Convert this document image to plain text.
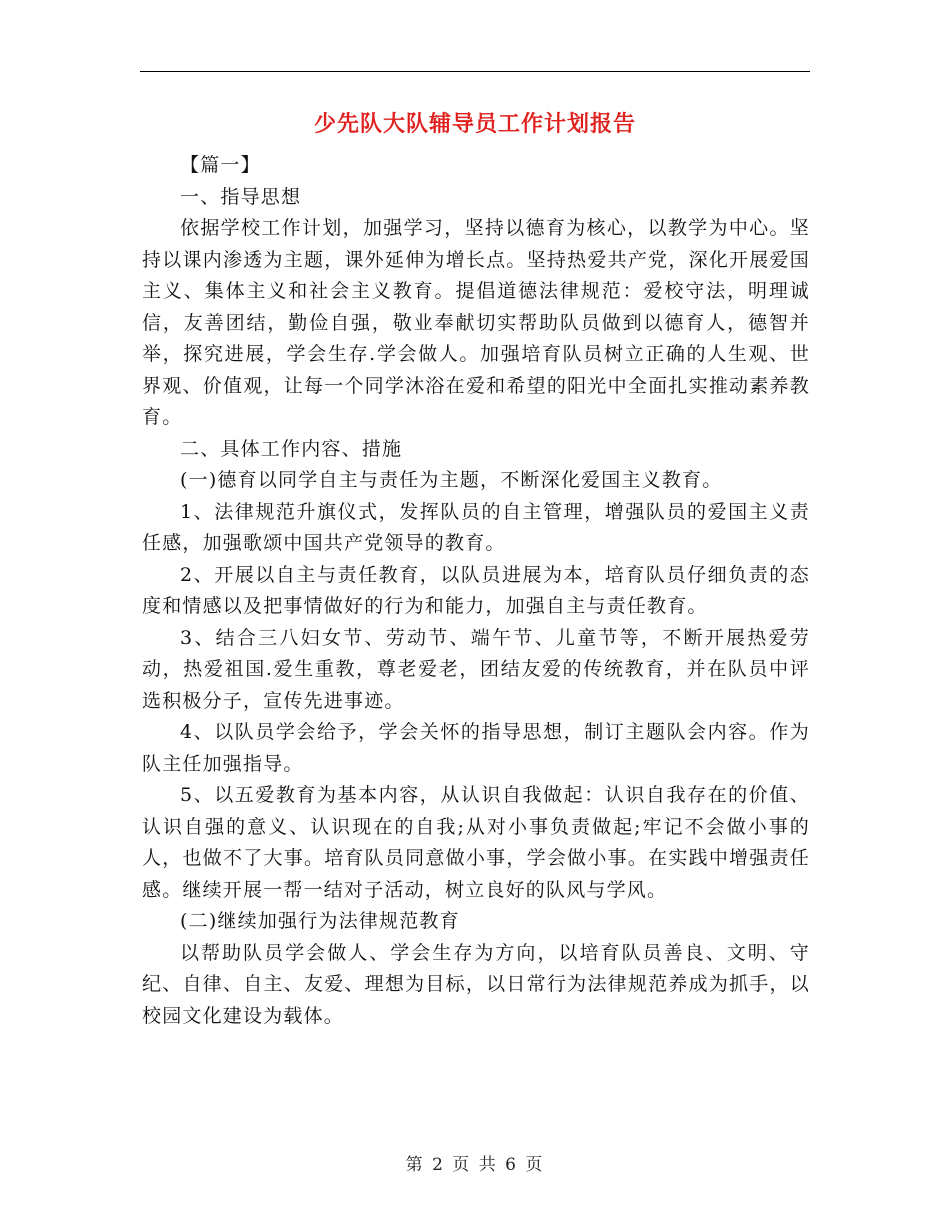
少先队大队辅导员工作计划报告

【篇一】

一、指导思想

依据学校工作计划，加强学习，坚持以德育为核心，以教学为中心。坚持以课内渗透为主题，课外延伸为增长点。坚持热爱共产党，深化开展爱国主义、集体主义和社会主义教育。提倡道德法律规范：爱校守法，明理诚信，友善团结，勤俭自强，敬业奉献切实帮助队员做到以德育人，德智并举，探究进展，学会生存.学会做人。加强培育队员树立正确的人生观、世界观、价值观，让每一个同学沐浴在爱和希望的阳光中全面扎实推动素养教育。

二、具体工作内容、措施

(一)德育以同学自主与责任为主题，不断深化爱国主义教育。

1、法律规范升旗仪式，发挥队员的自主管理，增强队员的爱国主义责任感，加强歌颂中国共产党领导的教育。

2、开展以自主与责任教育，以队员进展为本，培育队员仔细负责的态度和情感以及把事情做好的行为和能力，加强自主与责任教育。

3、结合三八妇女节、劳动节、端午节、儿童节等，不断开展热爱劳动，热爱祖国.爱生重教，尊老爱老，团结友爱的传统教育，并在队员中评选积极分子，宣传先进事迹。

4、以队员学会给予，学会关怀的指导思想，制订主题队会内容。作为队主任加强指导。

5、以五爱教育为基本内容，从认识自我做起：认识自我存在的价值、认识自强的意义、认识现在的自我;从对小事负责做起;牢记不会做小事的人，也做不了大事。培育队员同意做小事，学会做小事。在实践中增强责任感。继续开展一帮一结对子活动，树立良好的队风与学风。

(二)继续加强行为法律规范教育

以帮助队员学会做人、学会生存为方向，以培育队员善良、文明、守纪、自律、自主、友爱、理想为目标，以日常行为法律规范养成为抓手，以校园文化建设为载体。

第 2 页 共 6 页
